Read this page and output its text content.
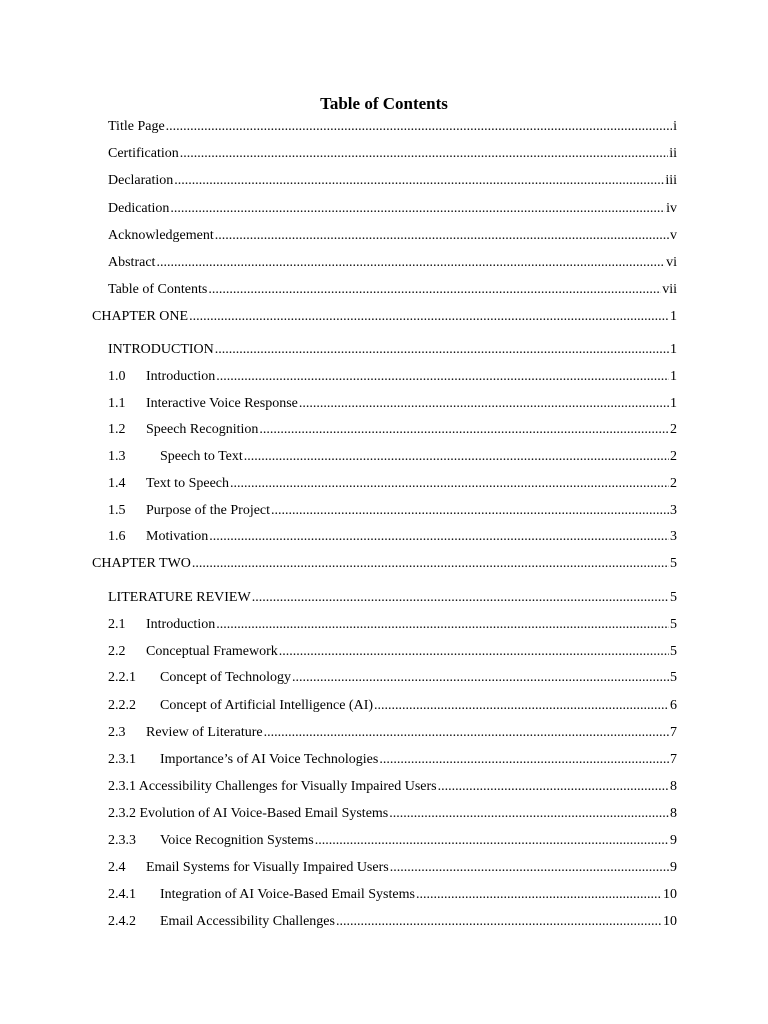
Table of Contents
Title Page .....	i
Certification .....	ii
Declaration .....	iii
Dedication .....	iv
Acknowledgement .....	v
Abstract .....	vi
Table of Contents .....	vii
CHAPTER ONE .....	1
INTRODUCTION .....	1
1.0	Introduction .....	1
1.1	Interactive Voice Response .....	1
1.2	Speech Recognition .....	2
1.3	Speech to Text .....	2
1.4	Text to Speech .....	2
1.5	Purpose of the Project .....	3
1.6	Motivation .....	3
CHAPTER TWO .....	5
LITERATURE REVIEW .....	5
2.1	Introduction .....	5
2.2	Conceptual Framework .....	5
2.2.1	Concept of Technology .....	5
2.2.2	Concept of Artificial Intelligence (AI) .....	6
2.3	Review of Literature .....	7
2.3.1	Importance’s of AI Voice Technologies .....	7
2.3.1 Accessibility Challenges for Visually Impaired Users .....	8
2.3.2 Evolution of AI Voice-Based Email Systems .....	8
2.3.3	Voice Recognition Systems .....	9
2.4	Email Systems for Visually Impaired Users .....	9
2.4.1	Integration of AI Voice-Based Email Systems .....	10
2.4.2	Email Accessibility Challenges .....	10
